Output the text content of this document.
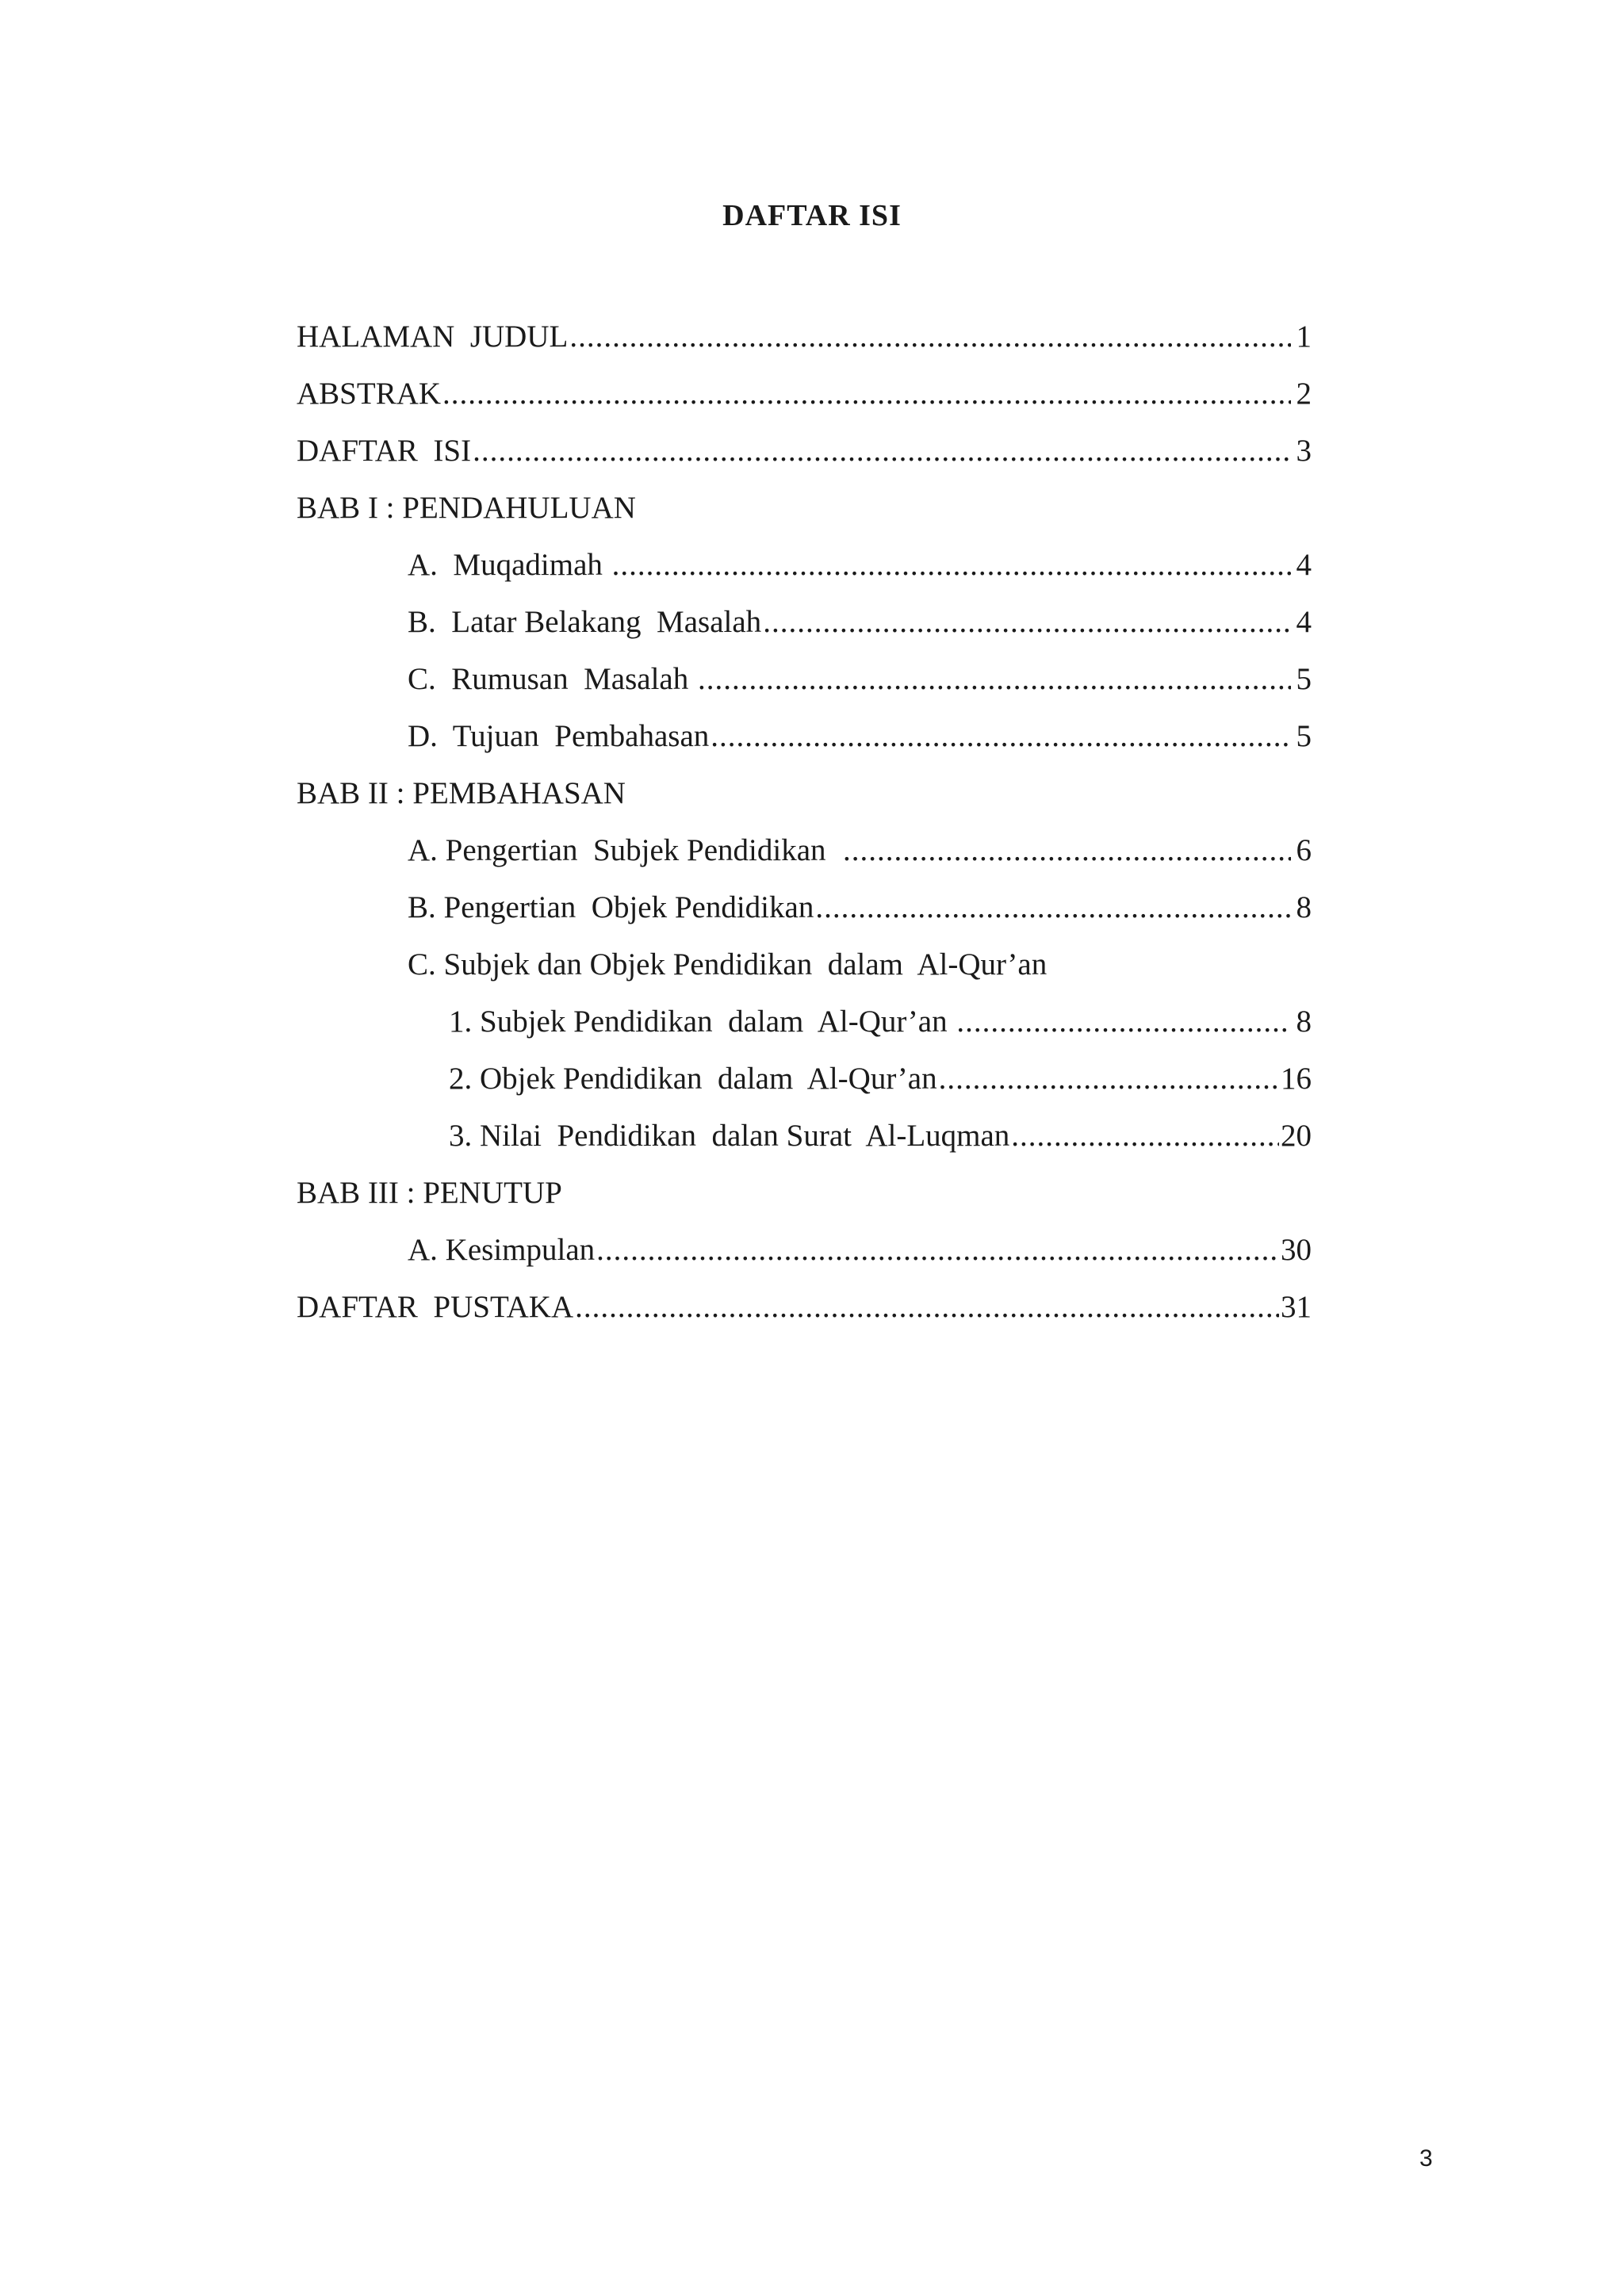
DAFTAR ISI
HALAMAN  JUDUL .....	1
ABSTRAK .....	2
DAFTAR  ISI .....	3
BAB I : PENDAHULUAN
A.  Muqadimah .....	4
B.  Latar Belakang  Masalah .....	4
C.  Rumusan  Masalah .....	5
D.  Tujuan  Pembahasan .....	5
BAB II : PEMBAHASAN
A. Pengertian  Subjek Pendidikan .....	6
B. Pengertian  Objek Pendidikan .....	8
C. Subjek dan Objek Pendidikan  dalam  Al-Qur’an
1. Subjek Pendidikan  dalam  Al-Qur’an .....	8
2. Objek Pendidikan  dalam  Al-Qur’an .....	16
3. Nilai  Pendidikan  dalan Surat  Al-Luqman .....	20
BAB III : PENUTUP
A. Kesimpulan .....	30
DAFTAR  PUSTAKA .....	31
3
